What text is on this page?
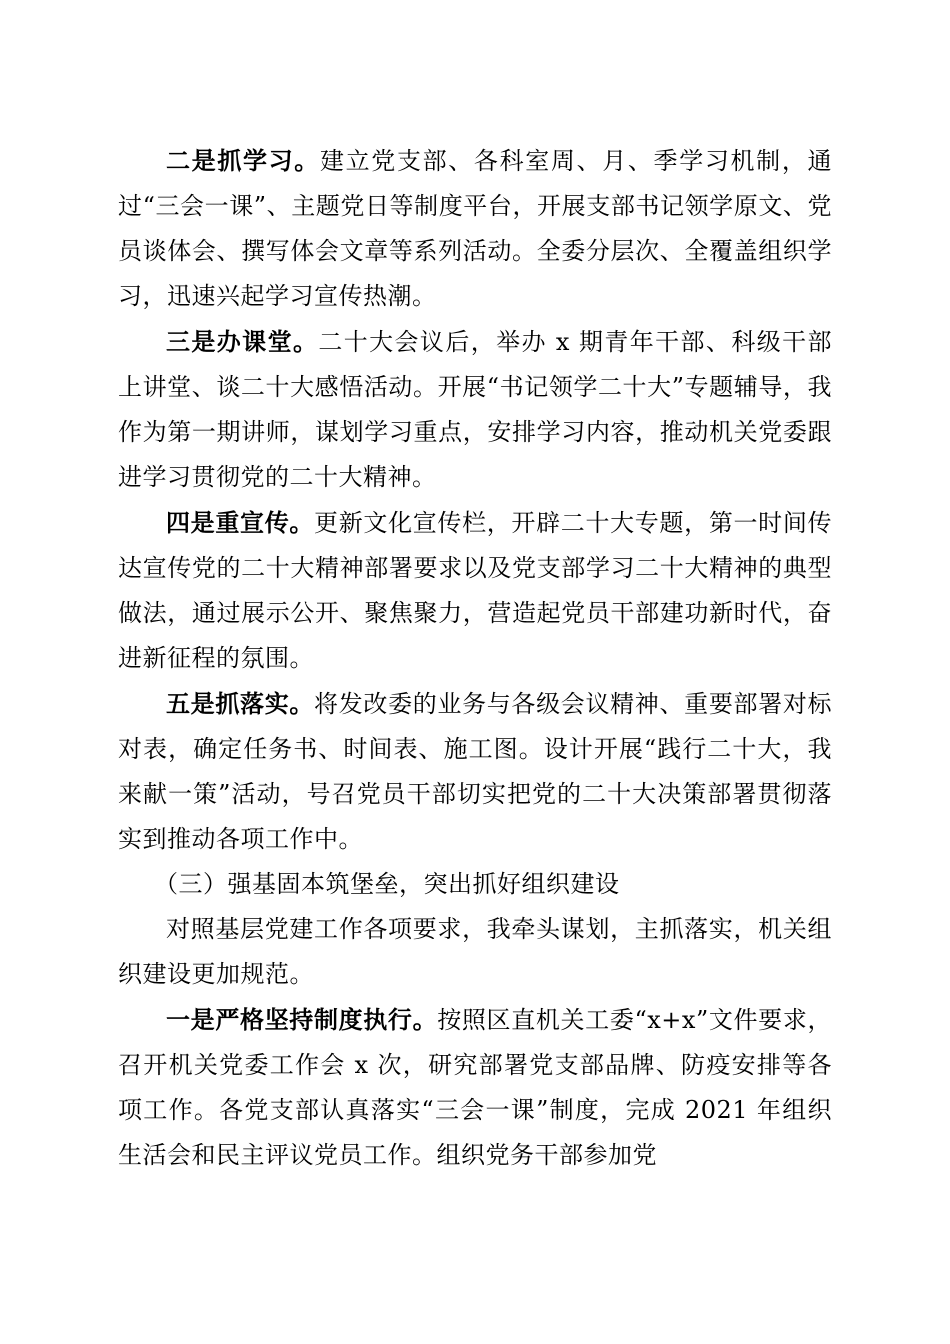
二是抓学习。建立党支部、各科室周、月、季学习机制，通过“三会一课”、主题党日等制度平台，开展支部书记领学原文、党员谈体会、撰写体会文章等系列活动。全委分层次、全覆盖组织学习，迅速兴起学习宣传热潮。

三是办课堂。二十大会议后，举办 x 期青年干部、科级干部上讲堂、谈二十大感悟活动。开展“书记领学二十大”专题辅导，我作为第一期讲师，谋划学习重点，安排学习内容，推动机关党委跟进学习贯彻党的二十大精神。

四是重宣传。更新文化宣传栏，开辟二十大专题，第一时间传达宣传党的二十大精神部署要求以及党支部学习二十大精神的典型做法，通过展示公开、聚焦聚力，营造起党员干部建功新时代，奋进新征程的氛围。

五是抓落实。将发改委的业务与各级会议精神、重要部署对标对表，确定任务书、时间表、施工图。设计开展“践行二十大，我来献一策”活动，号召党员干部切实把党的二十大决策部署贯彻落实到推动各项工作中。

（三）强基固本筑堡垒，突出抓好组织建设

对照基层党建工作各项要求，我牵头谋划，主抓落实，机关组织建设更加规范。

一是严格坚持制度执行。按照区直机关工委“x+x”文件要求，召开机关党委工作会 x 次，研究部署党支部品牌、防疫安排等各项工作。各党支部认真落实“三会一课”制度，完成 2021 年组织生活会和民主评议党员工作。组织党务干部参加党
